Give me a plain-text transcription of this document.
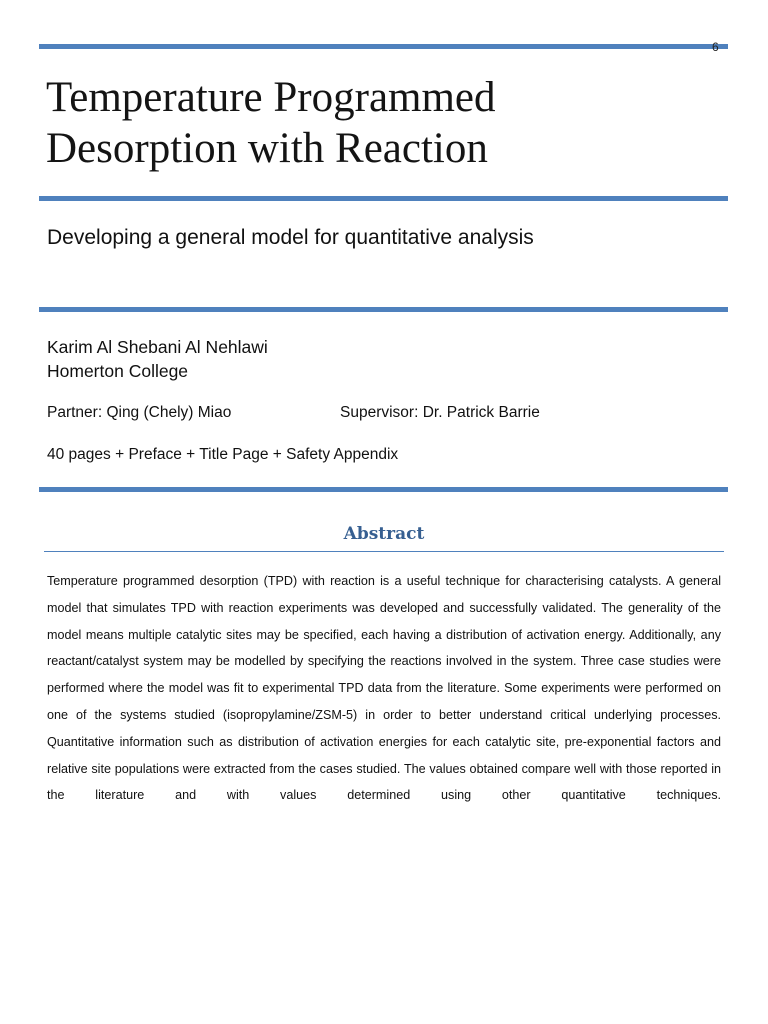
6
Temperature Programmed
Desorption with Reaction
Developing a general model for quantitative analysis
Karim Al Shebani Al Nehlawi
Homerton College
Partner: Qing (Chely) Miao	Supervisor: Dr. Patrick Barrie
40 pages + Preface + Title Page + Safety Appendix
Abstract

Temperature programmed desorption (TPD) with reaction is a useful technique for characterising catalysts. A general model that simulates TPD with reaction experiments was developed and successfully validated. The generality of the model means multiple catalytic sites may be specified, each having a distribution of activation energy. Additionally, any reactant/catalyst system may be modelled by specifying the reactions involved in the system. Three case studies were performed where the model was fit to experimental TPD data from the literature. Some experiments were performed on one of the systems studied (isopropylamine/ZSM-5) in order to better understand critical underlying processes. Quantitative information such as distribution of activation energies for each catalytic site, pre-exponential factors and relative site populations were extracted from the cases studied. The values obtained compare well with those reported in the literature and with values determined using other quantitative techniques.
